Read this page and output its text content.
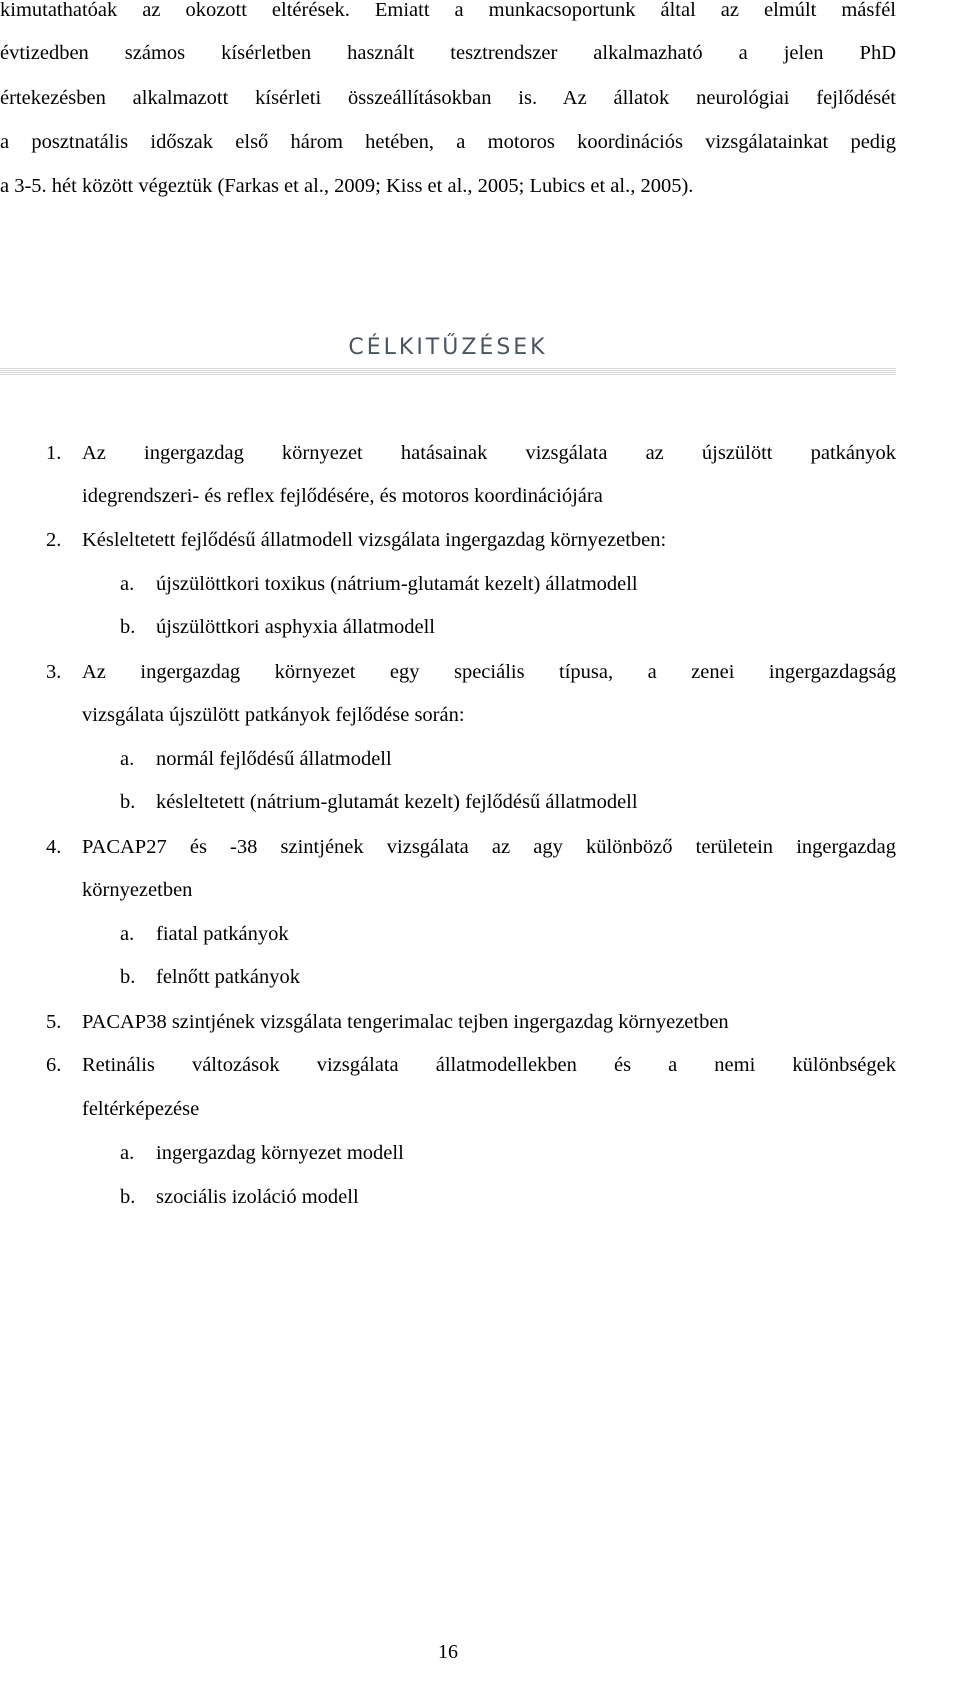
kimutathatóak az okozott eltérések. Emiatt a munkacsoportunk által az elmúlt másfél
évtizedben számos kísérletben használt tesztrendszer alkalmazható a jelen PhD
értekezésben alkalmazott kísérleti összeállításokban is. Az állatok neurológiai fejlődését
a posztnatális időszak első három hetében, a motoros koordinációs vizsgálatainkat pedig
a 3-5. hét között végeztük (Farkas et al., 2009; Kiss et al., 2005; Lubics et al., 2005).
CÉLKITŰZÉSEK
1. Az ingergazdag környezet hatásainak vizsgálata az újszülött patkányok
idegrendszeri- és reflex fejlődésére, és motoros koordinációjára
2. Késleltetett fejlődésű állatmodell vizsgálata ingergazdag környezetben:
a. újszülöttkori toxikus (nátrium-glutamát kezelt) állatmodell
b. újszülöttkori asphyxia állatmodell
3. Az ingergazdag környezet egy speciális típusa, a zenei ingergazdagság
vizsgálata újszülött patkányok fejlődése során:
a. normál fejlődésű állatmodell
b. késleltetett (nátrium-glutamát kezelt) fejlődésű állatmodell
4. PACAP27 és -38 szintjének vizsgálata az agy különböző területein ingergazdag
környezetben
a. fiatal patkányok
b. felnőtt patkányok
5. PACAP38 szintjének vizsgálata tengerimalac tejben ingergazdag környezetben
6. Retinális változások vizsgálata állatmodellekben és a nemi különbségek
feltérképezése
a. ingergazdag környezet modell
b. szociális izoláció modell
16
